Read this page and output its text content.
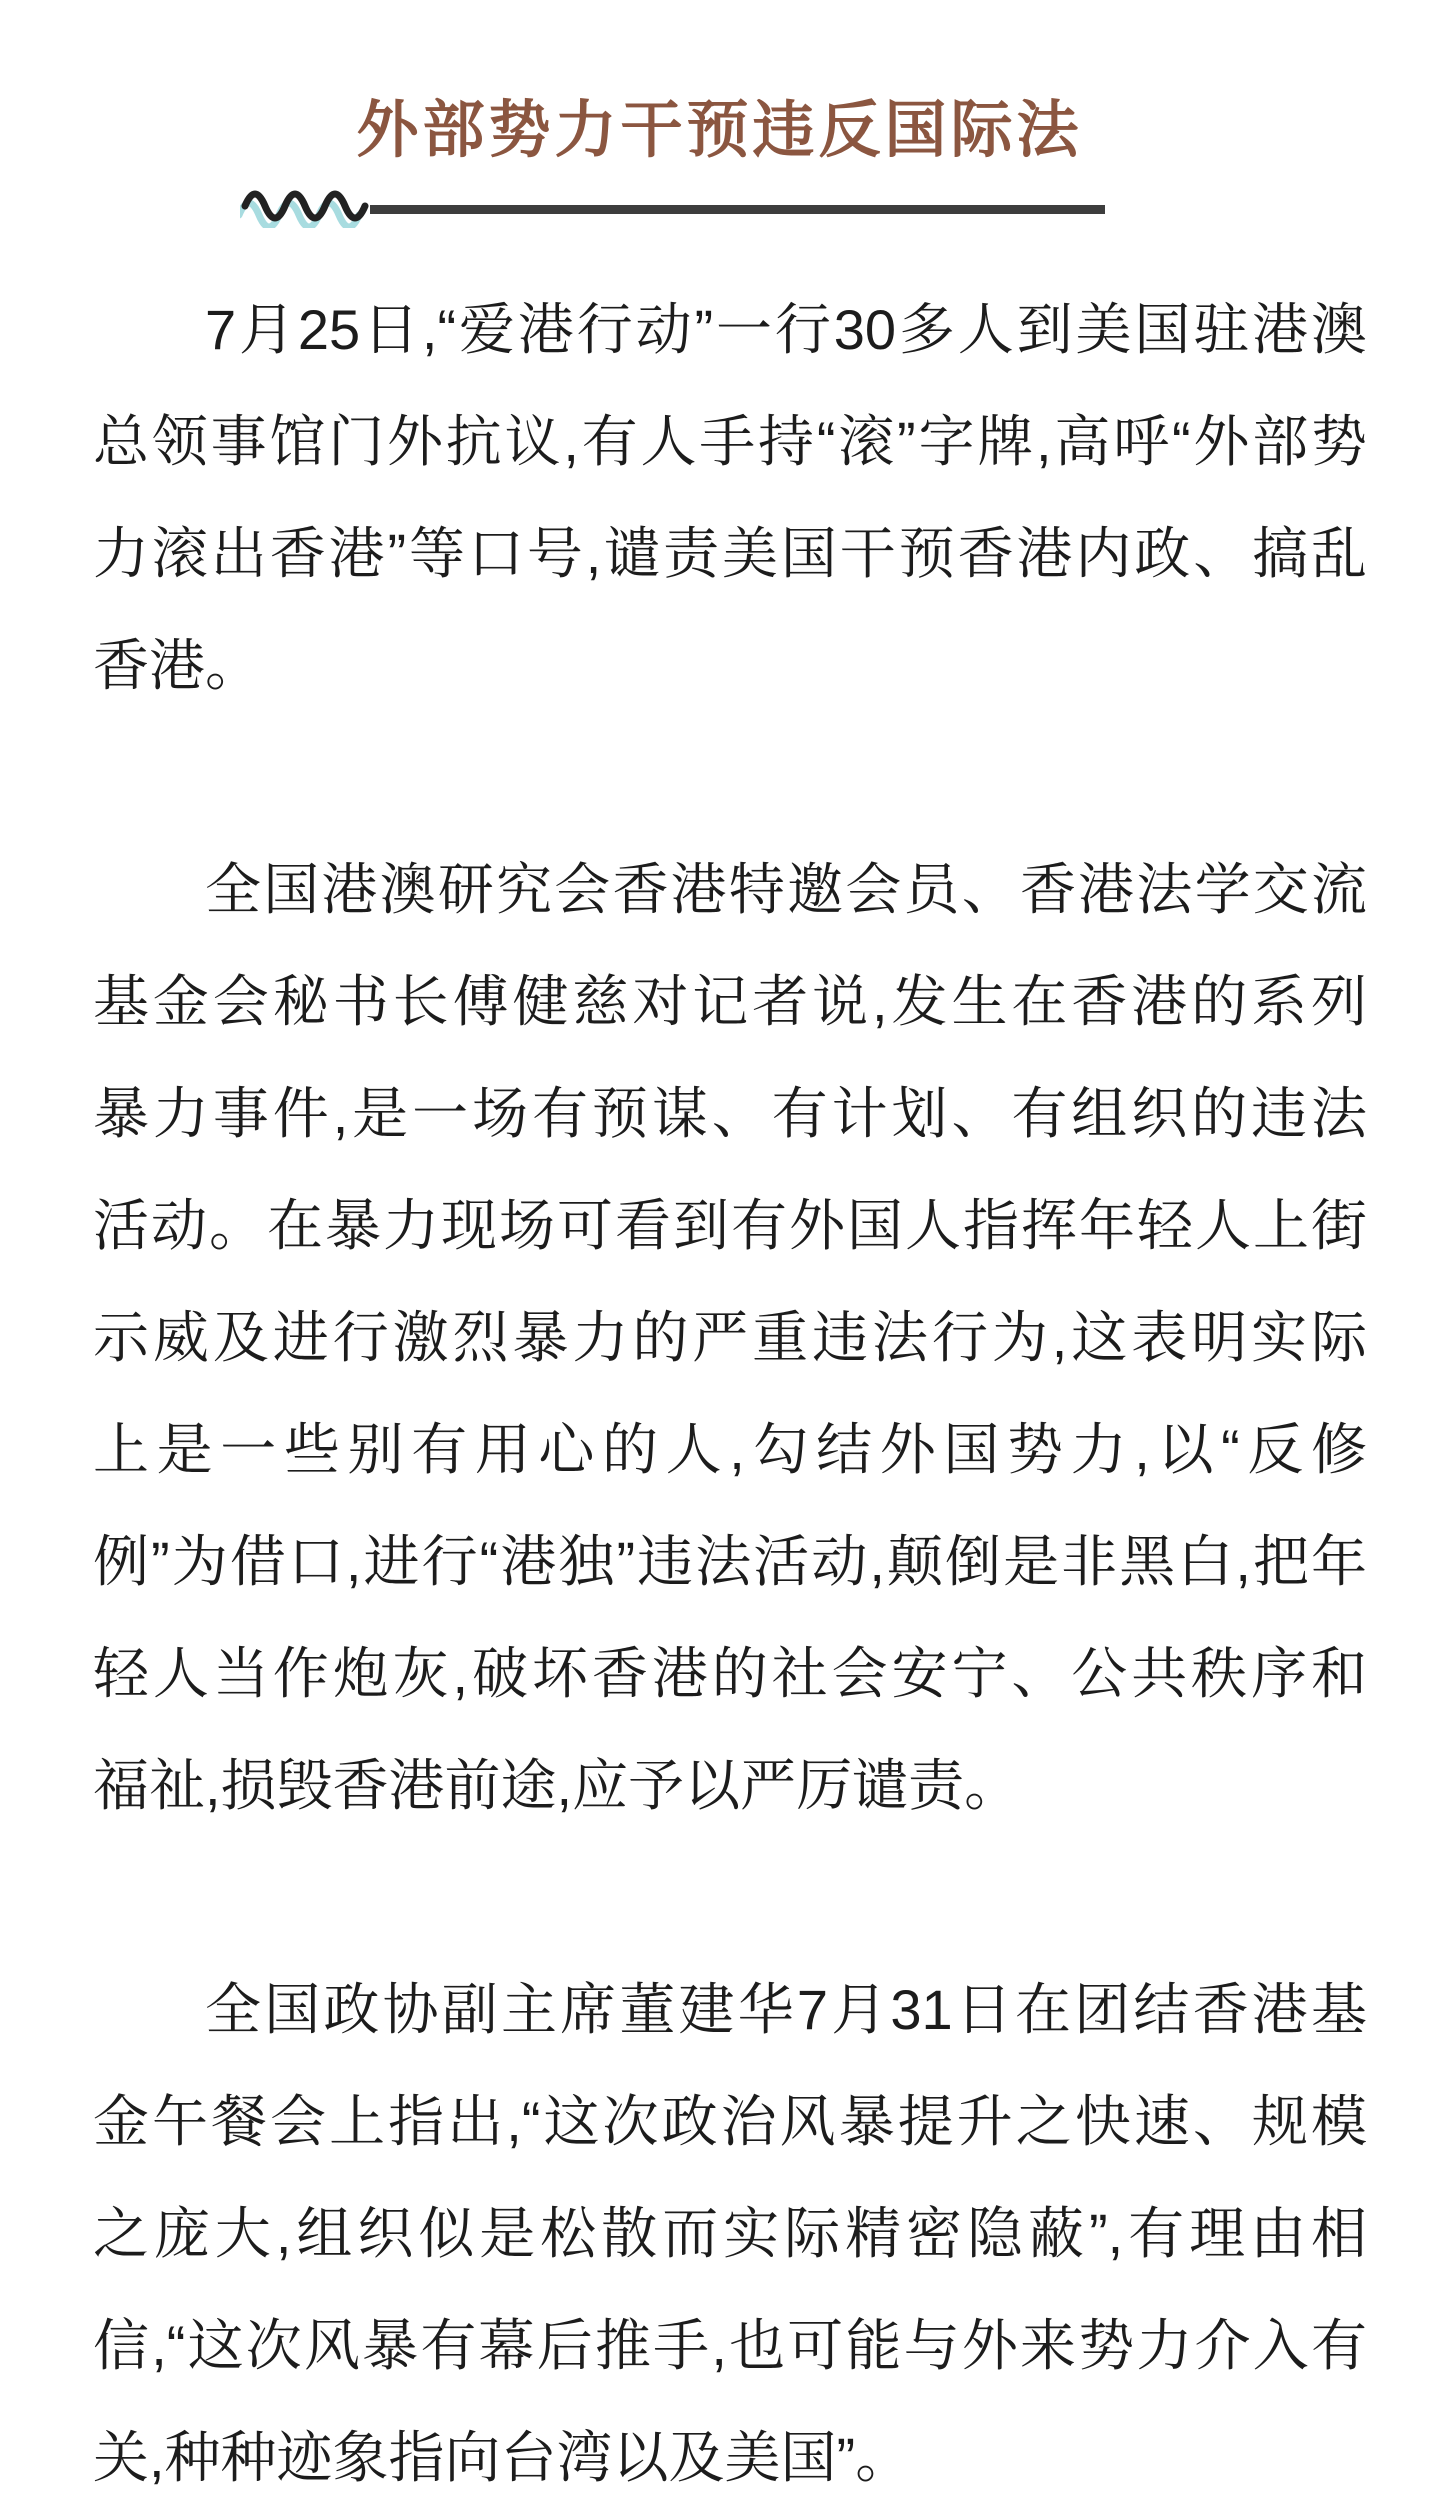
外部势力干预违反国际法
7月25日,“爱港行动”一行30多人到美国驻港澳
总领事馆门外抗议,有人手持“滚”字牌,高呼“外部势
力滚出香港”等口号,谴责美国干预香港内政、搞乱
香港。
全国港澳研究会香港特邀会员、香港法学交流
基金会秘书长傅健慈对记者说,发生在香港的系列
暴力事件,是一场有预谋、有计划、有组织的违法
活动。在暴力现场可看到有外国人指挥年轻人上街
示威及进行激烈暴力的严重违法行为,这表明实际
上是一些别有用心的人,勾结外国势力,以“反修
例”为借口,进行“港独”违法活动,颠倒是非黑白,把年
轻人当作炮灰,破坏香港的社会安宁、公共秩序和
福祉,损毁香港前途,应予以严厉谴责。
全国政协副主席董建华7月31日在团结香港基
金午餐会上指出,“这次政治风暴提升之快速、规模
之庞大,组织似是松散而实际精密隐蔽”,有理由相
信,“这次风暴有幕后推手,也可能与外来势力介入有
关,种种迹象指向台湾以及美国”。
